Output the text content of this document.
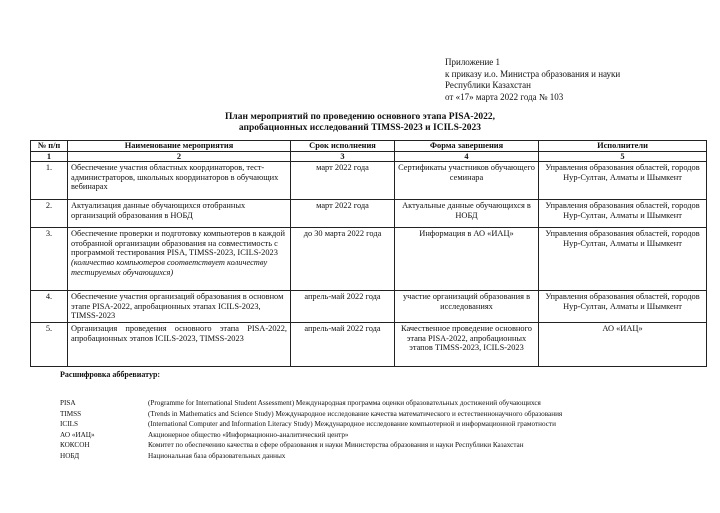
Приложение 1
к приказу и.о. Министра образования и науки
Республики Казахстан
от «17» марта 2022 года № 103
План мероприятий по проведению основного этапа PISA-2022,
апробационных исследований TIMSS-2023 и ICILS-2023
№ п/п	Наименование мероприятия	Срок исполнения	Форма завершения	Исполнители
1	2	3	4	5
1.	Обеспечение участия областных координаторов, тест-администраторов, школьных координаторов в обучающих вебинарах	март 2022 года	Сертификаты участников обучающего семинара	Управления образования областей, городов Нур-Султан, Алматы и Шымкент
2.	Актуализация данные обучающихся отобранных организаций образования в НОБД	март 2022 года	Актуальные данные обучающихся в НОБД	Управления образования областей, городов Нур-Султан, Алматы и Шымкент
3.	Обеспечение проверки и подготовку компьютеров в каждой отобранной организации образования на совместимость с программой тестирования PISA, TIMSS-2023, ICILS-2023 (количество компьютеров соответствует количеству тестируемых обучающихся)	до 30 марта 2022 года	Информация в АО «ИАЦ»	Управления образования областей, городов Нур-Султан, Алматы и Шымкент
4.	Обеспечение участия организаций образования в основном этапе PISA-2022, апробационных этапах ICILS-2023, TIMSS-2023	апрель-май 2022 года	участие организаций образования в исследованиях	Управления образования областей, городов Нур-Султан, Алматы и Шымкент
5.	Организация проведения основного этапа PISA-2022, апробационных этапов ICILS-2023, TIMSS-2023	апрель-май 2022 года	Качественное проведение основного этапа PISA-2022, апробационных этапов TIMSS-2023, ICILS-2023	АО «ИАЦ»
Расшифровка аббревиатур:
PISA	(Programme for International Student Assessment) Международная программа оценки образовательных достижений обучающихся
TIMSS	(Trends in Mathematics and Science Study) Международное исследование качества математического и естественнонаучного образования
ICILS	(International Computer and Information Literacy Study) Международное исследование компьютерной и информационной грамотности
АО «ИАЦ»	Акционерное общество «Информационно-аналитический центр»
КОКСОН	Комитет по обеспечению качества в сфере образования и науки Министерства образования и науки Республики Казахстан
НОБД	Национальная база образовательных данных
